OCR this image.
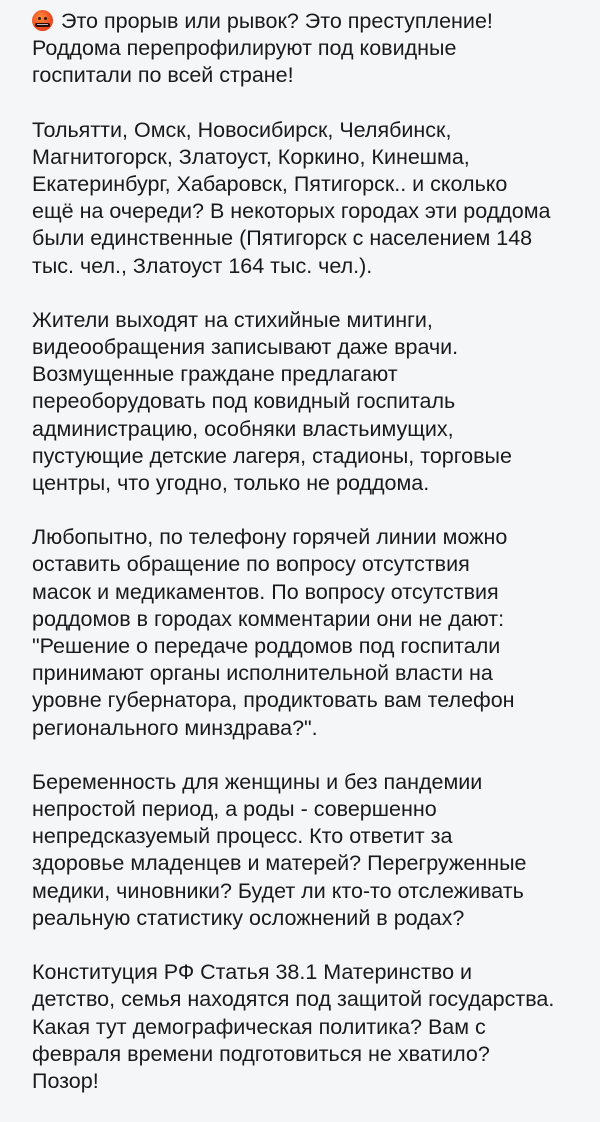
Это прорыв или рывок? Это преступление!
Роддома перепрофилируют под ковидные
госпитали по всей стране!
Тольятти, Омск, Новосибирск, Челябинск,
Магнитогорск, Златоуст, Коркино, Кинешма,
Екатеринбург, Хабаровск, Пятигорск.. и сколько
ещё на очереди? В некоторых городах эти роддома
были единственные (Пятигорск с населением 148
тыс. чел., Златоуст 164 тыс. чел.).
Жители выходят на стихийные митинги,
видеообращения записывают даже врачи.
Возмущенные граждане предлагают
переоборудовать под ковидный госпиталь
администрацию, особняки властьимущих,
пустующие детские лагеря, стадионы, торговые
центры, что угодно, только не роддома.
Любопытно, по телефону горячей линии можно
оставить обращение по вопросу отсутствия
масок и медикаментов. По вопросу отсутствия
роддомов в городах комментарии они не дают:
"Решение о передаче роддомов под госпитали
принимают органы исполнительной власти на
уровне губернатора, продиктовать вам телефон
регионального минздрава?".
Беременность для женщины и без пандемии
непростой период, а роды - совершенно
непредсказуемый процесс. Кто ответит за
здоровье младенцев и матерей? Перегруженные
медики, чиновники? Будет ли кто-то отслеживать
реальную статистику осложнений в родах?
Конституция РФ Статья 38.1 Материнство и
детство, семья находятся под защитой государства.
Какая тут демографическая политика? Вам с
февраля времени подготовиться не хватило?
Позор!
